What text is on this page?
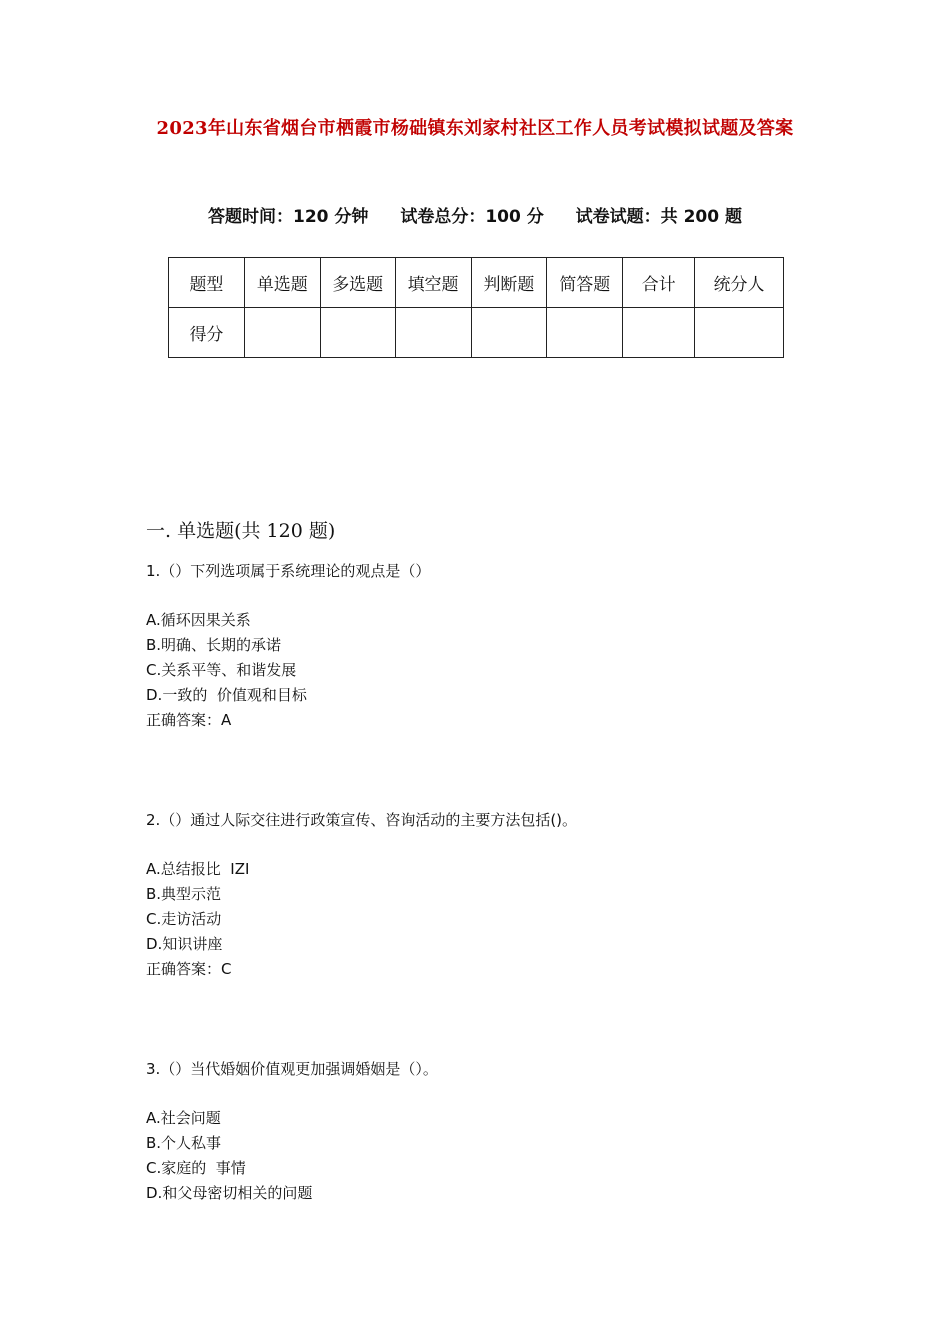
2023年山东省烟台市栖霞市杨础镇东刘家村社区工作人员考试模拟试题及答案
答题时间：120 分钟 试卷总分：100 分 试卷试题：共 200 题
题型	单选题	多选题	填空题	判断题	简答题	合计	统分人
得分							
一. 单选题(共 120 题)
1.（）下列选项属于系统理论的观点是（）
A.循环因果关系
B.明确、长期的承诺
C.关系平等、和谐发展
D.一致的  价值观和目标
正确答案：A
2.（）通过人际交往进行政策宣传、咨询活动的主要方法包括()。
A.总结报比  IZI
B.典型示范
C.走访活动
D.知识讲座
正确答案：C
3.（）当代婚姻价值观更加强调婚姻是（）。
A.社会问题
B.个人私事
C.家庭的  事情
D.和父母密切相关的问题
